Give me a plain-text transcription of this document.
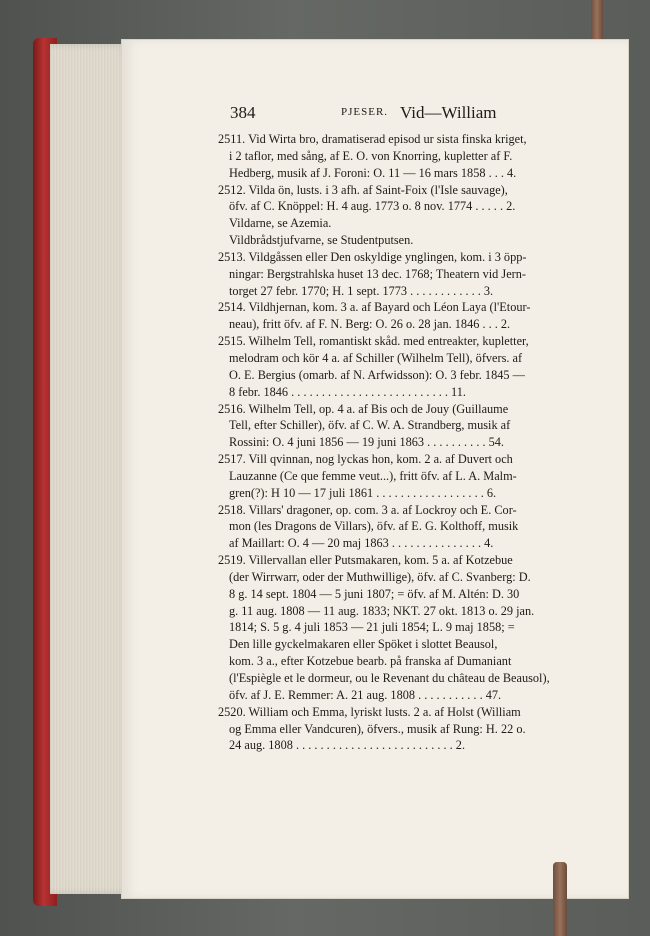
384	PJESER. Vid—William
2511. Vid Wirta bro, dramatiserad episod ur sista finska kriget,
i 2 taflor, med sång, af E. O. von Knorring, kupletter af F.
Hedberg, musik af J. Foroni: O. 11 — 16 mars 1858 . . . 4.
2512. Vilda ön, lusts. i 3 afh. af Saint-Foix (l'Isle sauvage),
öfv. af C. Knöppel: H. 4 aug. 1773 o. 8 nov. 1774 . . . . . 2.
Vildarne, se Azemia.
Vildbrådstjufvarne, se Studentputsen.
2513. Vildgåssen eller Den oskyldige ynglingen, kom. i 3 öpp-
ningar: Bergstrahlska huset 13 dec. 1768; Theatern vid Jern-
torget 27 febr. 1770; H. 1 sept. 1773 . . . . . . . . . . . . 3.
2514. Vildhjernan, kom. 3 a. af Bayard och Léon Laya (l'Etour-
neau), fritt öfv. af F. N. Berg: O. 26 o. 28 jan. 1846 . . . 2.
2515. Wilhelm Tell, romantiskt skåd. med entreakter, kupletter,
melodram och kör 4 a. af Schiller (Wilhelm Tell), öfvers. af
O. E. Bergius (omarb. af N. Arfwidsson): O. 3 febr. 1845 —
8 febr. 1846 . . . . . . . . . . . . . . . . . . . . . . . . . . 11.
2516. Wilhelm Tell, op. 4 a. af Bis och de Jouy (Guillaume
Tell, efter Schiller), öfv. af C. W. A. Strandberg, musik af
Rossini: O. 4 juni 1856 — 19 juni 1863 . . . . . . . . . . 54.
2517. Vill qvinnan, nog lyckas hon, kom. 2 a. af Duvert och
Lauzanne (Ce que femme veut...), fritt öfv. af L. A. Malm-
gren(?): H 10 — 17 juli 1861 . . . . . . . . . . . . . . . . . . 6.
2518. Villars' dragoner, op. com. 3 a. af Lockroy och E. Cor-
mon (les Dragons de Villars), öfv. af E. G. Kolthoff, musik
af Maillart: O. 4 — 20 maj 1863 . . . . . . . . . . . . . . . 4.
2519. Villervallan eller Putsmakaren, kom. 5 a. af Kotzebue
(der Wirrwarr, oder der Muthwillige), öfv. af C. Svanberg: D.
8 g. 14 sept. 1804 — 5 juni 1807; = öfv. af M. Altén: D. 30
g. 11 aug. 1808 — 11 aug. 1833; NKT. 27 okt. 1813 o. 29 jan.
1814; S. 5 g. 4 juli 1853 — 21 juli 1854; L. 9 maj 1858; =
Den lille gyckelmakaren eller Spöket i slottet Beausol,
kom. 3 a., efter Kotzebue bearb. på franska af Dumaniant
(l'Espiègle et le dormeur, ou le Revenant du château de Beausol),
öfv. af J. E. Remmer: A. 21 aug. 1808 . . . . . . . . . . . 47.
2520. William och Emma, lyriskt lusts. 2 a. af Holst (William
og Emma eller Vandcuren), öfvers., musik af Rung: H. 22 o.
24 aug. 1808 . . . . . . . . . . . . . . . . . . . . . . . . . . 2.
